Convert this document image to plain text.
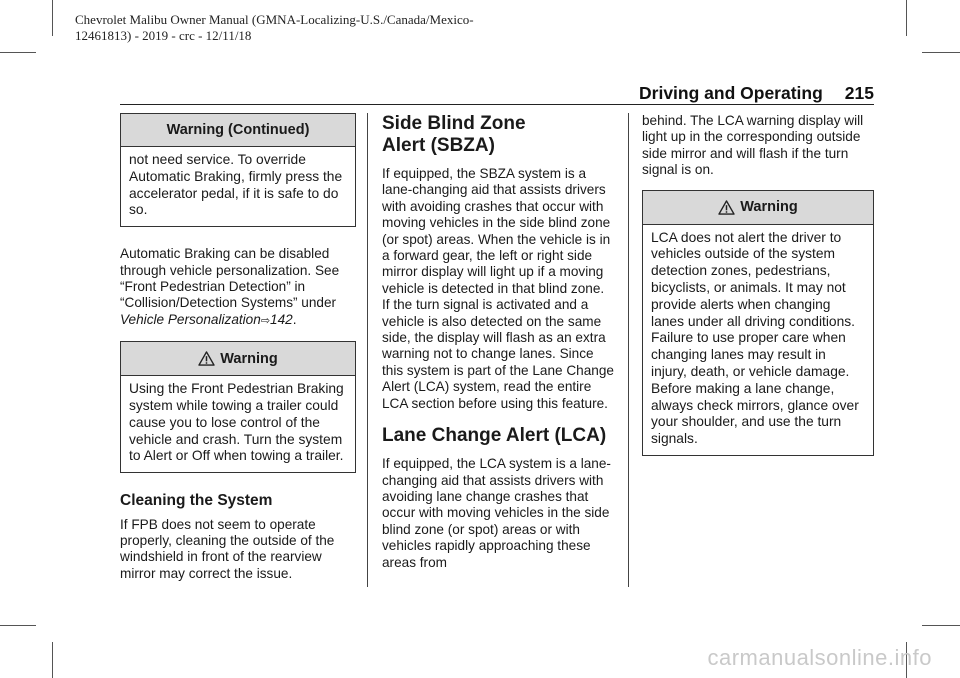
Chevrolet Malibu Owner Manual (GMNA-Localizing-U.S./Canada/Mexico-
12461813) - 2019 - crc - 12/11/18
Driving and Operating 215
Warning (Continued)
not need service. To override Automatic Braking, firmly press the accelerator pedal, if it is safe to do so.

Automatic Braking can be disabled through vehicle personalization. See “Front Pedestrian Detection” in “Collision/Detection Systems” under Vehicle Personalization⇨142.

Warning
Using the Front Pedestrian Braking system while towing a trailer could cause you to lose control of the vehicle and crash. Turn the system to Alert or Off when towing a trailer.
Cleaning the System

If FPB does not seem to operate properly, cleaning the outside of the windshield in front of the rearview mirror may correct the issue.

Side Blind Zone
Alert (SBZA)

If equipped, the SBZA system is a lane-changing aid that assists drivers with avoiding crashes that occur with moving vehicles in the side blind zone (or spot) areas. When the vehicle is in a forward gear, the left or right side mirror display will light up if a moving vehicle is detected in that blind zone. If the turn signal is activated and a vehicle is also detected on the same side, the display will flash as an extra warning not to change lanes. Since this system is part of the Lane Change Alert (LCA) system, read the entire LCA section before using this feature.

Lane Change Alert (LCA)

If equipped, the LCA system is a lane-changing aid that assists drivers with avoiding lane change crashes that occur with moving vehicles in the side blind zone (or spot) areas or with vehicles rapidly approaching these areas from

behind. The LCA warning display will light up in the corresponding outside side mirror and will flash if the turn signal is on.

Warning
LCA does not alert the driver to vehicles outside of the system detection zones, pedestrians, bicyclists, or animals. It may not provide alerts when changing lanes under all driving conditions. Failure to use proper care when changing lanes may result in injury, death, or vehicle damage. Before making a lane change, always check mirrors, glance over your shoulder, and use the turn signals.
carmanualsonline.info
